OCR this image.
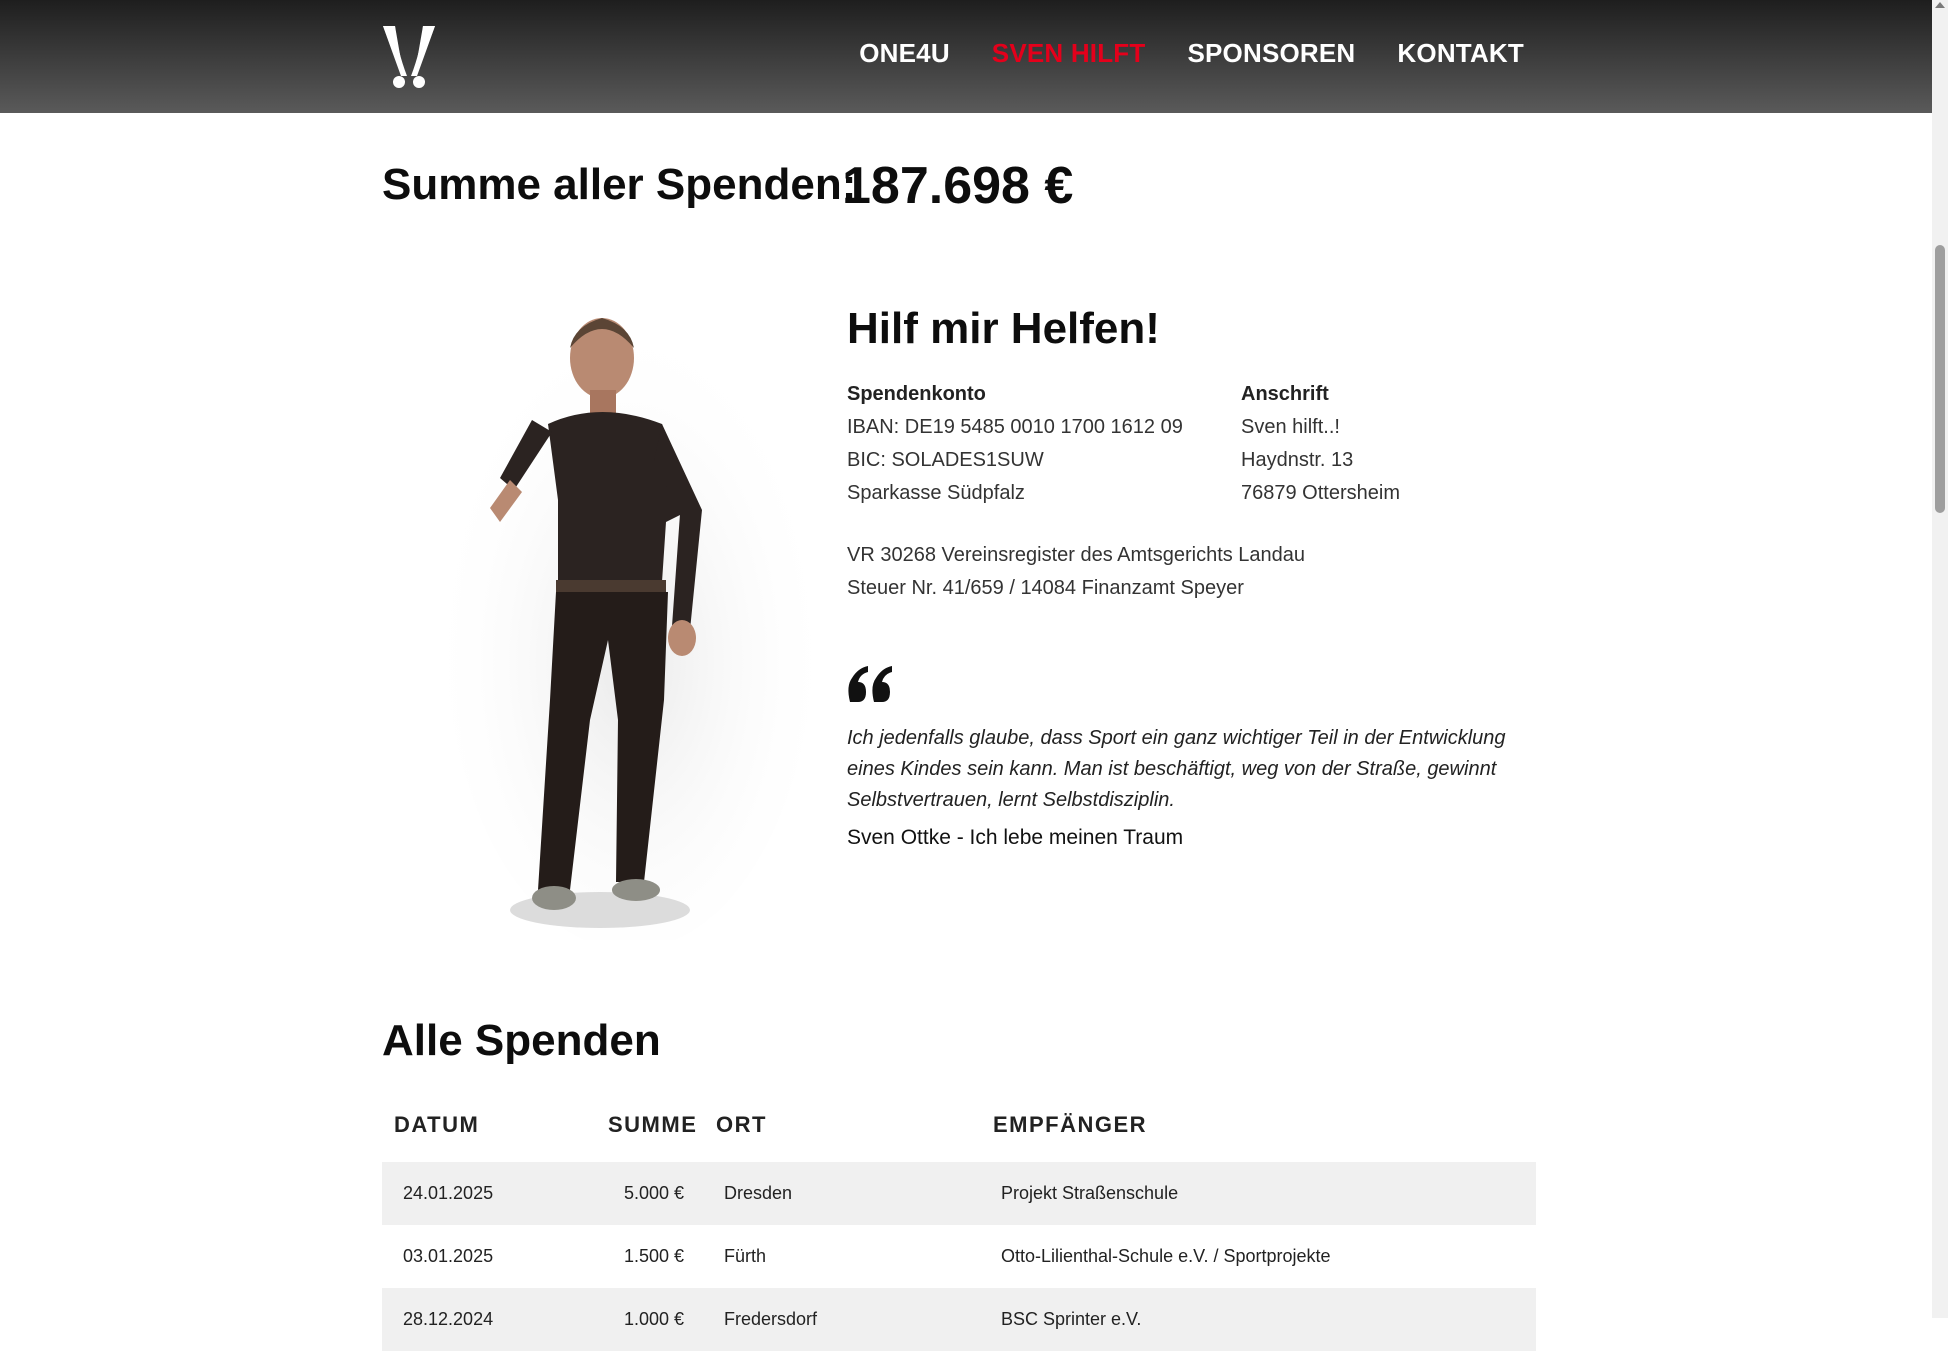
ONE4U SVEN HILFT SPONSOREN KONTAKT
Summe aller Spenden:
187.698 €
Hilf mir Helfen!
Spendenkonto
IBAN: DE19 5485 0010 1700 1612 09
BIC: SOLADES1SUW
Sparkasse Südpfalz
Anschrift
Sven hilft..!
Haydnstr. 13
76879 Ottersheim
VR 30268 Vereinsregister des Amtsgerichts Landau
Steuer Nr. 41/659 / 14084 Finanzamt Speyer
Ich jedenfalls glaube, dass Sport ein ganz wichtiger Teil in der Entwicklung eines Kindes sein kann. Man ist beschäftigt, weg von der Straße, gewinnt Selbstvertrauen, lernt Selbstdisziplin.
Sven Ottke - Ich lebe meinen Traum
Alle Spenden
DATUM	SUMME ORT	EMPFÄNGER
24.01.2025	5.000 € Dresden	Projekt Straßenschule
03.01.2025	1.500 € Fürth	Otto-Lilienthal-Schule e.V. / Sportprojekte
28.12.2024	1.000 € Fredersdorf	BSC Sprinter e.V.
